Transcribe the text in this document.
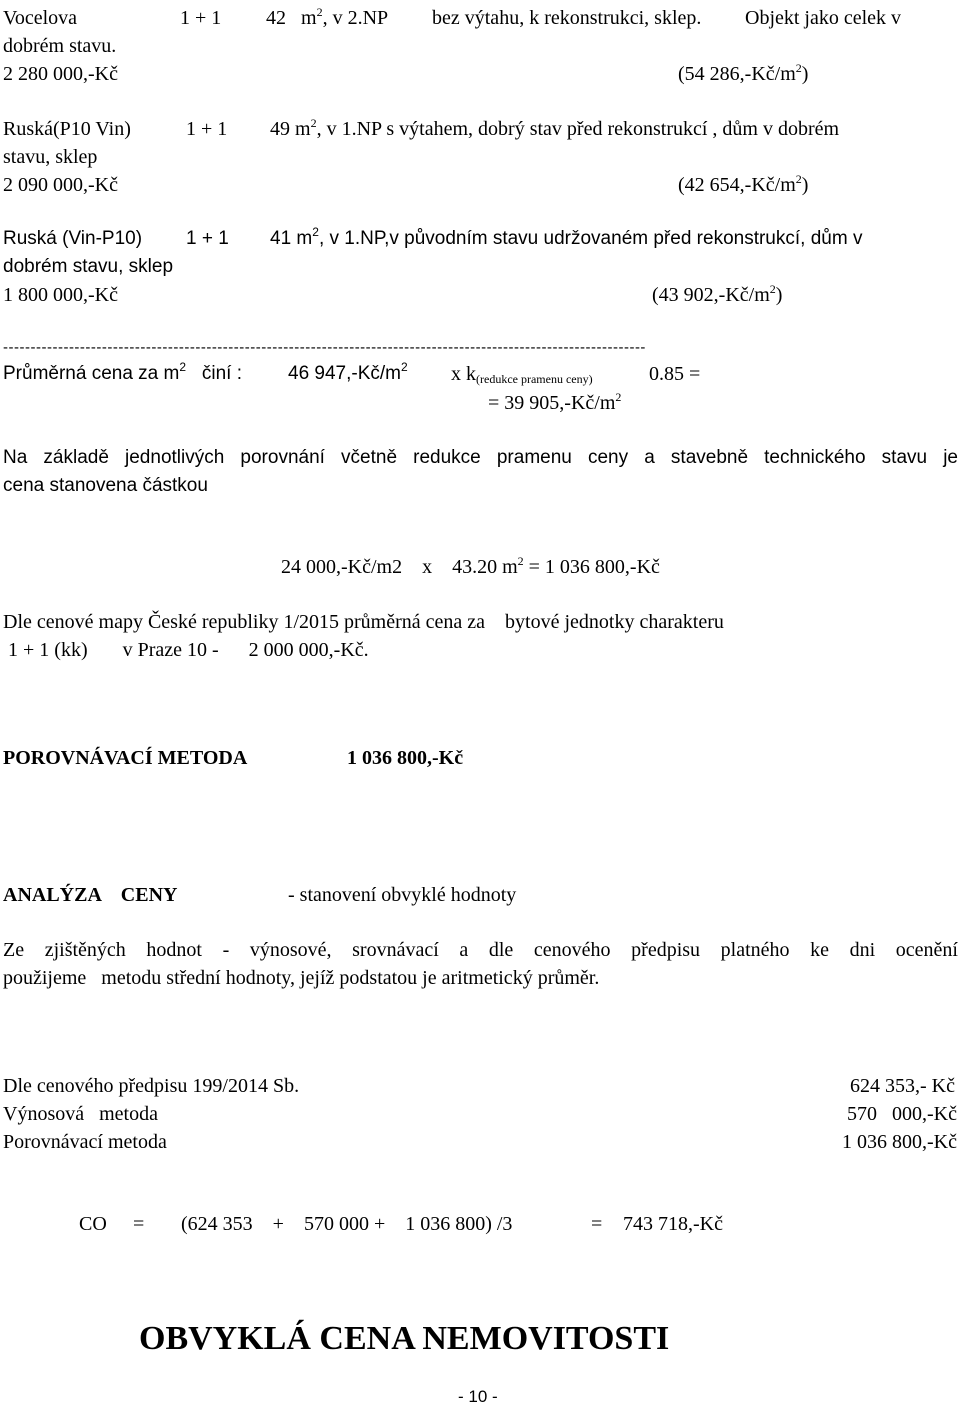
Vocelova	1 + 1 42 $m^2$, v 2.NP bez výtahu, k rekonstrukci, sklep. Objekt jako celek v
dobrém stavu.
2 280 000,-Kč	(54 $286,-Kč/m^2$)
Ruská(P10 Vin)	1 + 1 49 $m^2$, v 1.NP s výtahem, dobrý stav před rekonstrukcí , dům v dobrém
stavu, sklep
2 090 000,-Kč	(42 $654,-Kč/m^2$)
Ruská (Vin-P10) 1 + 1 41 $m^2$, v 1.NP,v původním stavu udržovaném před rekonstrukcí, dům v
dobrém stavu, sklep
1 800 000,-Kč	(43 $902,-Kč/m^2$)
---------------------------------------------------------------------------------------------------------------------
Průměrná cena za $m^2$ činí : 46 $947,-Kč/m^2$ x $k_{(redukce pramenu ceny)}$	0.85 =
= 39 $905,-Kč/m^2$
Na základě jednotlivých porovnání včetně redukce pramenu ceny a stavebně technického stavu je
cena stanovena částkou
24 000,-Kč/m2    x    43.20 $m^2 = 1$ 036 800,-Kč
Dle cenové mapy České republiky 1/2015 průměrná cena za    bytové jednotky charakteru
1 + 1 (kk)       v Praze 10 -      2 000 000,-Kč.
POROVNÁVACÍ METODA	1 036 800,-Kč
ANALÝZA    CENY	- stanovení obvyklé hodnoty
Ze zjištěných hodnot - výnosové, srovnávací a dle cenového předpisu platného ke dni ocenění
použijeme   metodu střední hodnoty, jejíž podstatou je aritmetický průměr.
Dle cenového předpisu 199/2014 Sb.	624 353,- Kč
Výnosová   metoda	570   000,-Kč
Porovnávací metoda	1 036 800,-Kč
CO = (624 353    +    570 000 +    1 036 800) /3	= 743 718,-Kč
OBVYKLÁ CENA NEMOVITOSTI
- 10 -
